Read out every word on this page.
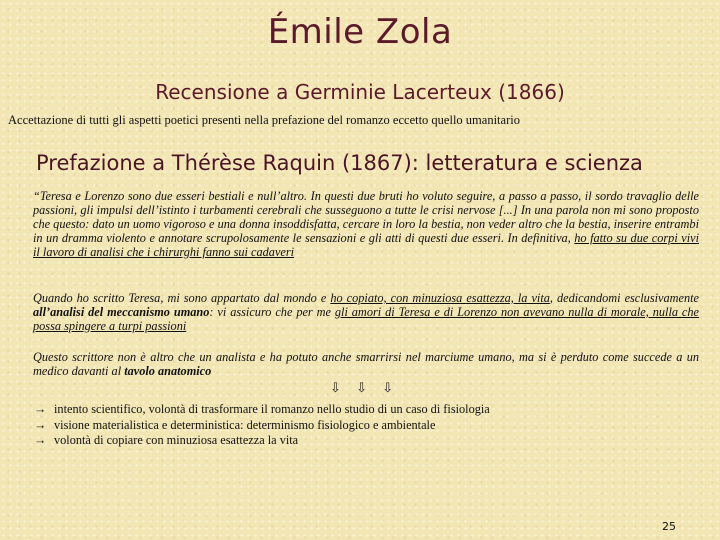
Émile Zola
Recensione a Germinie Lacerteux (1866)
Accettazione di tutti gli aspetti poetici presenti nella prefazione del romanzo eccetto quello umanitario
Prefazione a Thérèse Raquin (1867): letteratura e scienza
“Teresa e Lorenzo sono due esseri bestiali e null’altro. In questi due bruti ho voluto seguire, a passo a passo, il sordo travaglio delle passioni, gli impulsi dell’istinto i turbamenti cerebrali che susseguono a tutte le crisi nervose [...] In una parola non mi sono proposto che questo: dato un uomo vigoroso e una donna insoddisfatta, cercare in loro la bestia, non veder altro che la bestia, inserire entrambi in un dramma violento e annotare scrupolosamente le sensazioni e gli atti di questi due esseri. In definitiva, ho fatto su due corpi vivi il lavoro di analisi che i chirurghi fanno sui cadaveri
Quando ho scritto Teresa, mi sono appartato dal mondo e ho copiato, con minuziosa esattezza, la vita, dedicandomi esclusivamente all’analisi del meccanismo umano: vi assicuro che per me gli amori di Teresa e di Lorenzo non avevano nulla di morale, nulla che possa spingere a turpi passioni
Questo scrittore non è altro che un analista e ha potuto anche smarrirsi nel marciume umano, ma si è perduto come succede a un medico davanti al tavolo anatomico
⇩ ⇩ ⇩
→ intento scientifico, volontà di trasformare il romanzo nello studio di un caso di fisiologia
→ visione materialistica e deterministica: determinismo fisiologico e ambientale
→ volontà di copiare con minuziosa esattezza la vita
25
